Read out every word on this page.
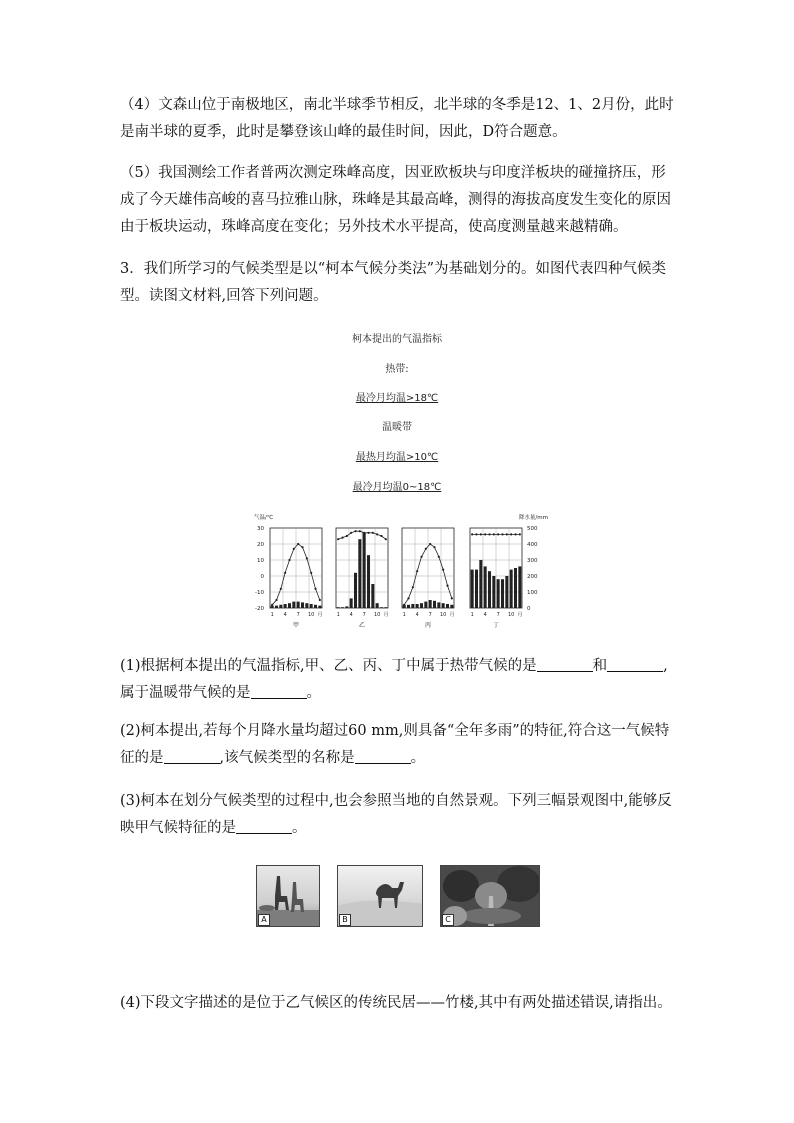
（4）文森山位于南极地区，南北半球季节相反，北半球的冬季是12、1、2月份，此时是南半球的夏季，此时是攀登该山峰的最佳时间，因此，D符合题意。

（5）我国测绘工作者普两次测定珠峰高度，因亚欧板块与印度洋板块的碰撞挤压，形成了今天雄伟高峻的喜马拉雅山脉，珠峰是其最高峰，测得的海拔高度发生变化的原因由于板块运动，珠峰高度在变化；另外技术水平提高，使高度测量越来越精确。

3．我们所学习的气候类型是以“柯本气候分类法”为基础划分的。如图代表四种气候类型。读图文材料,回答下列问题。

柯本提出的气温指标
热带:
最冷月均温>18℃
温暖带
最热月均温>10℃
最冷月均温0~18℃
气温/℃
30
20
10
0
-10
-20
降水量/mm
500
400
300
200
100
0
1 4 7 10 月
甲
1 4 7 10 月
乙
1 4 7 10 月
丙
1 4 7 10 月
丁

(1)根据柯本提出的气温指标,甲、乙、丙、丁中属于热带气候的是	和	,属于温暖带气候的是	。

(2)柯本提出,若每个月降水量均超过60 mm,则具备“全年多雨”的特征,符合这一气候特征的是	,该气候类型的名称是	。

(3)柯本在划分气候类型的过程中,也会参照当地的自然景观。下列三幅景观图中,能够反映甲气候特征的是	。

A	B	C

(4)下段文字描述的是位于乙气候区的传统民居——竹楼,其中有两处描述错误,请指出。
